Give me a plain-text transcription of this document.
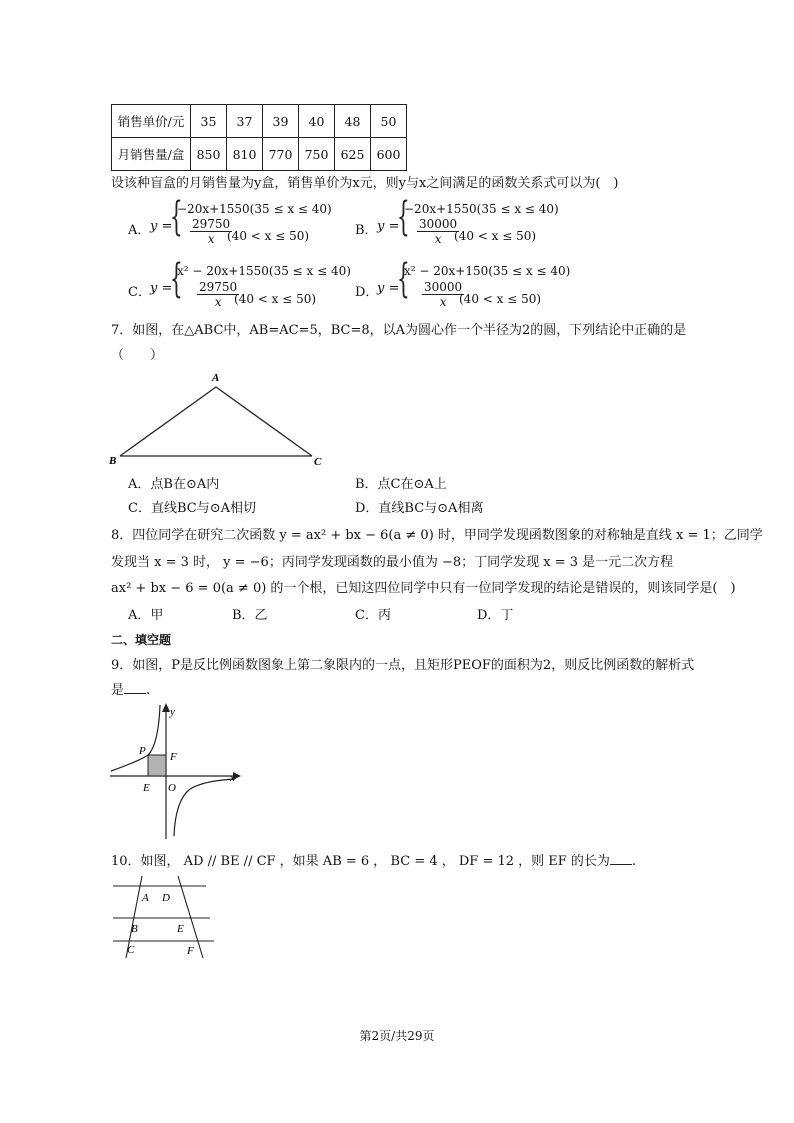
销售单价/元	35	37	39	40	48	50
月销售量/盒	850	810	770	750	625	600
设该种盲盒的月销售量为y盒，销售单价为x元，则y与x之间满足的函数关系式可以为(　)
A． y =
{
−20x+1550(35 ≤ x ≤ 40)
$\frac{29750}{x}$
(40 < x ≤ 50)	B． y =
{
−20x+1550(35 ≤ x ≤ 40)
$\frac{30000}{x}$
(40 < x ≤ 50)
C． y =
{
x² − 20x+1550(35 ≤ x ≤ 40)
$\frac{29750}{x}$
(40 < x ≤ 50)	D．
y =
{
x² − 20x+150(35 ≤ x ≤ 40)
$\frac{30000}{x}$
(40 < x ≤ 50)
7．如图，在△ABC中，AB=AC=5，BC=8，以A为圆心作一个半径为2的圆，下列结论中正确的是
（　　）
A
B	C
A．点B在⊙A内	B．点C在⊙A上
C．直线BC与⊙A相切	D．直线BC与⊙A相离
8．四位同学在研究二次函数 y = ax² + bx − 6(a ≠ 0) 时，甲同学发现函数图象的对称轴是直线 x = 1；乙同学
发现当 x = 3 时， y = −6；丙同学发现函数的最小值为 −8；丁同学发现 x = 3 是一元二次方程
ax² + bx − 6 = 0(a ≠ 0) 的一个根，已知这四位同学中只有一位同学发现的结论是错误的，则该同学是(　)
A．甲	B．乙	C．丙	D．丁
二、填空题
9．如图，P是反比例函数图象上第二象限内的一点，且矩形PEOF的面积为2，则反比例函数的解析式
是 .
y
x
P F
E O
10．如图， AD // BE // CF ，如果 AB = 6 ， BC = 4 ， DF = 12 ，则 EF 的长为 .
A D
B	E
C	F
第2页/共29页
